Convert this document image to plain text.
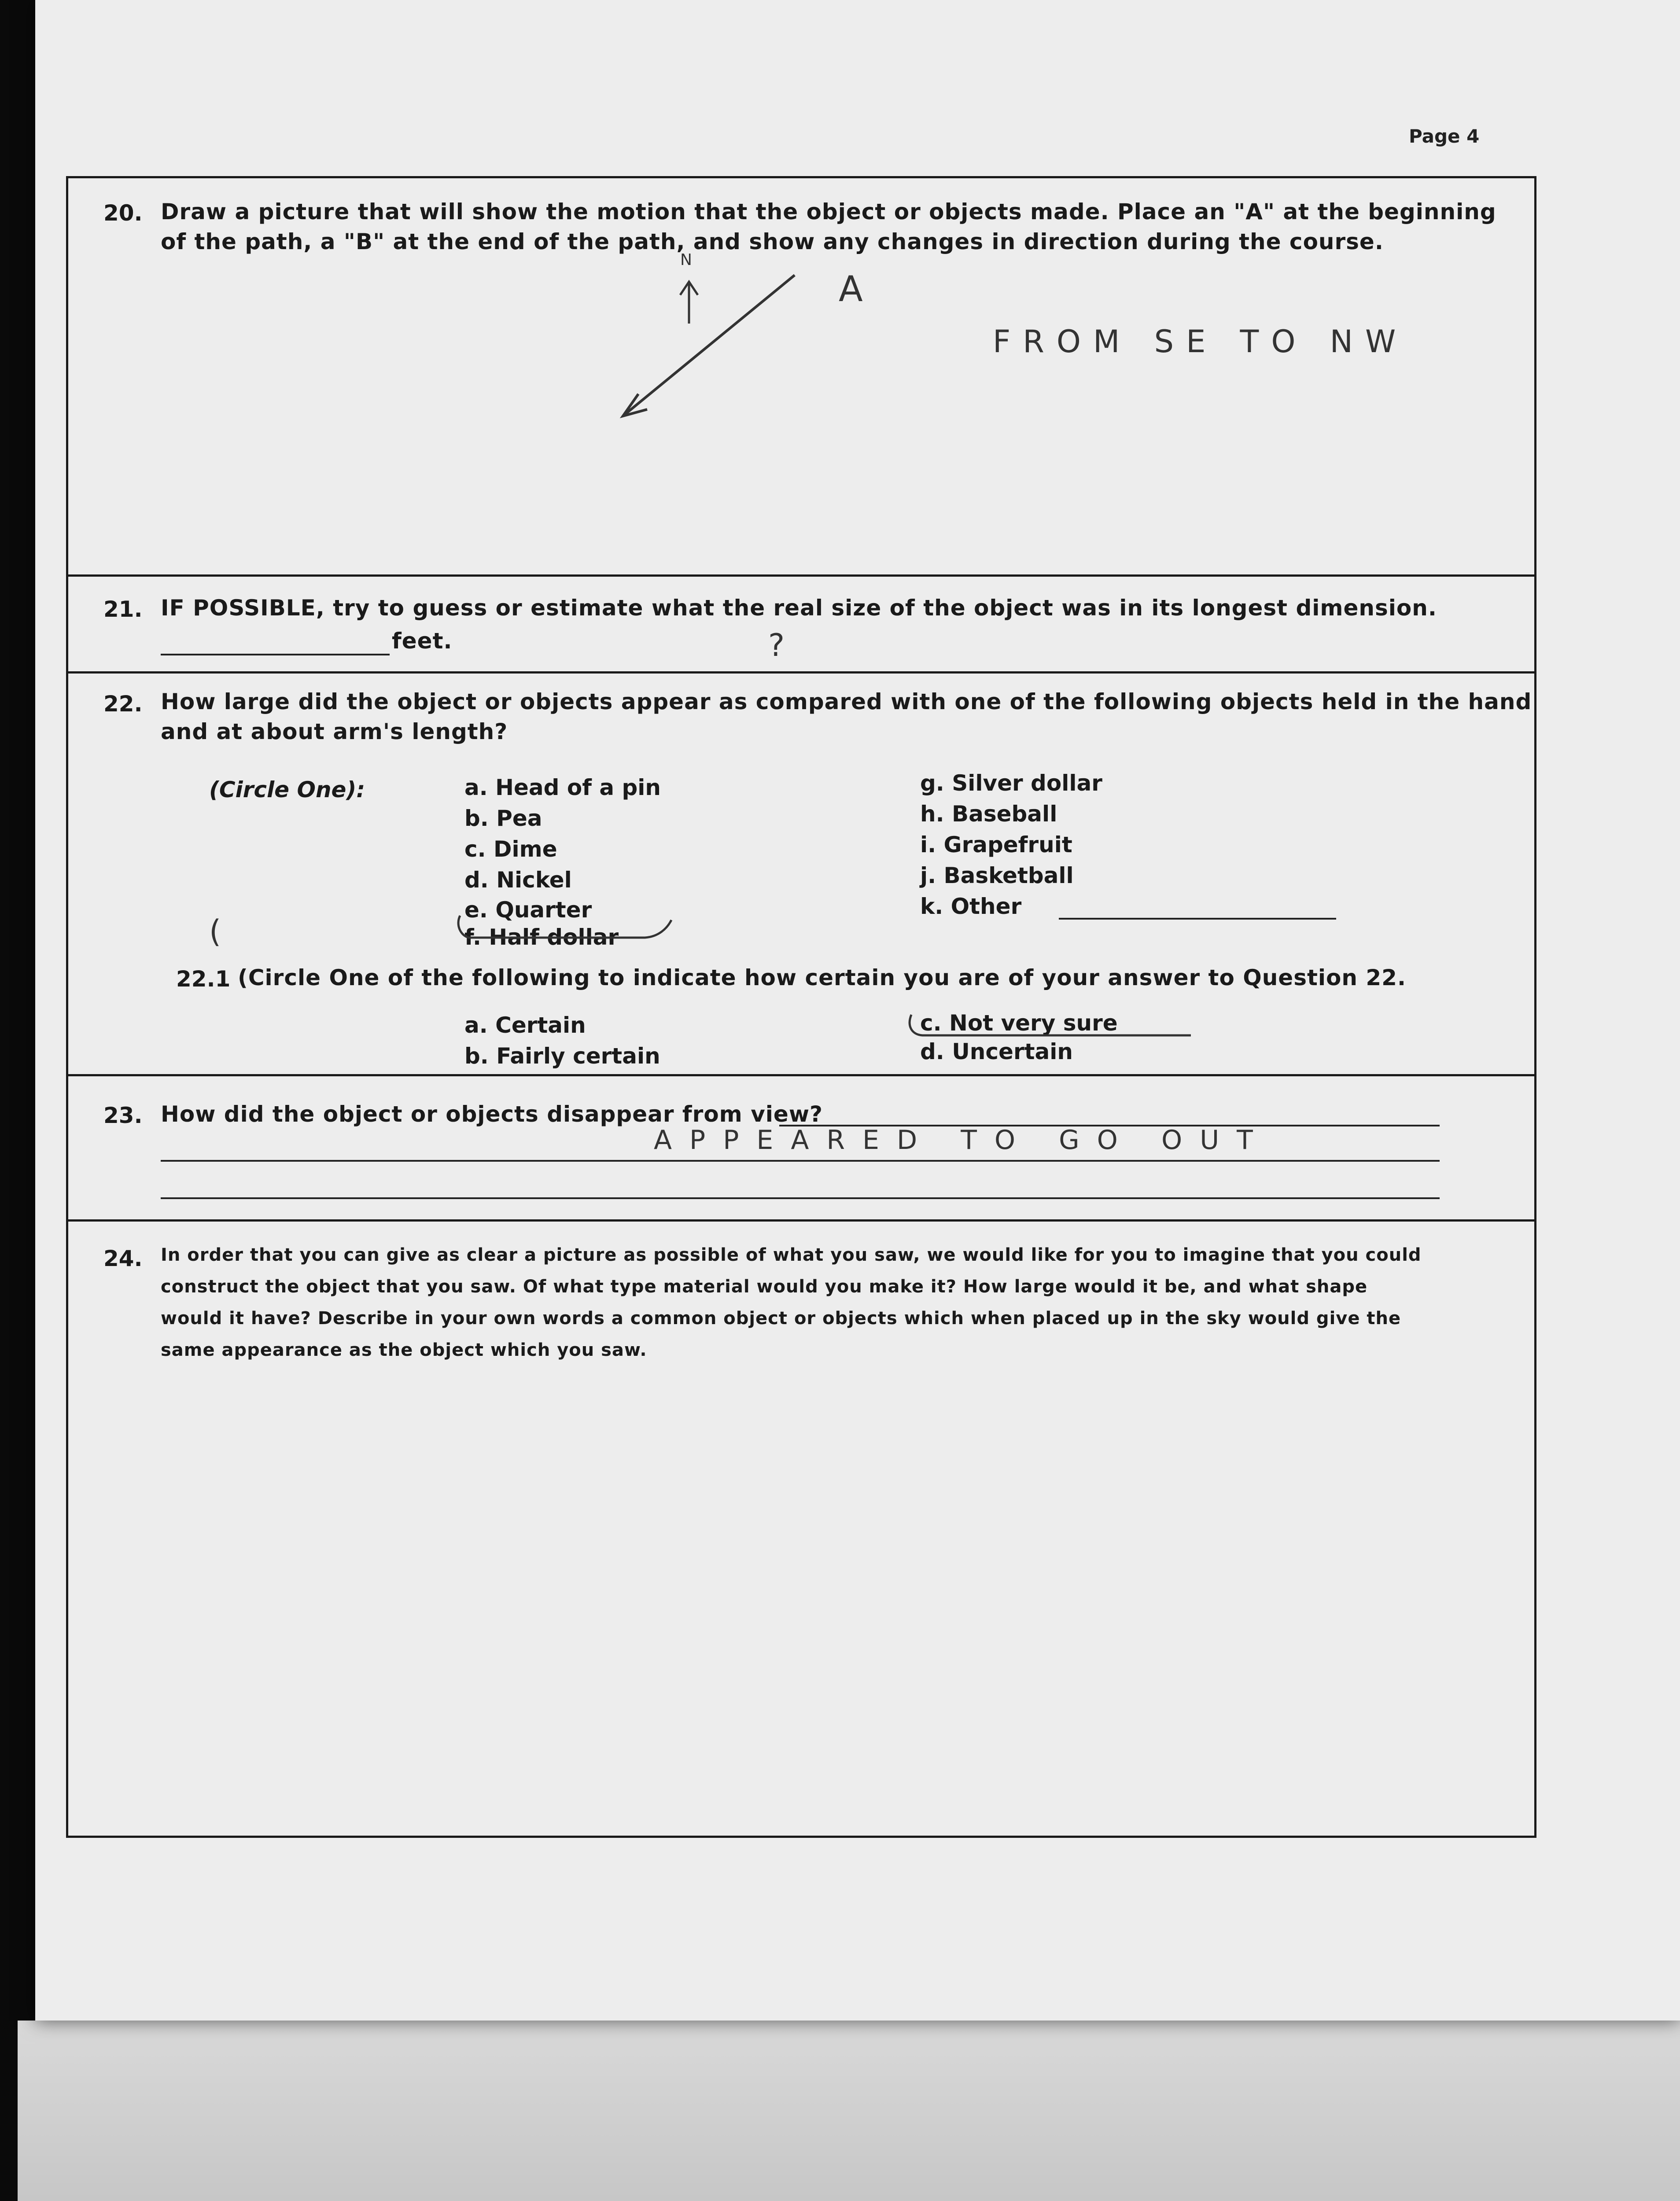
Page 4
20. Draw a picture that will show the motion that the object or objects made. Place an "A" at the beginning
of the path, a "B" at the end of the path, and show any changes in direction during the course.
A
N
FROM SE TO NW
21. IF POSSIBLE, try to guess or estimate what the real size of the object was in its longest dimension.
feet.	?
22. How large did the object or objects appear as compared with one of the following objects held in the hand
and at about arm's length?
(Circle One):	a. Head of a pin
b. Pea
c. Dime
d. Nickel
e. Quarter
f. Half dollar
g. Silver dollar
h. Baseball
i. Grapefruit
j. Basketball
k. Other
(
22.1 (Circle One of the following to indicate how certain you are of your answer to Question 22.
a. Certain
b. Fairly certain
c. Not very sure
d. Uncertain
23. How did the object or objects disappear from view?
APPEARED TO GO OUT
24. In order that you can give as clear a picture as possible of what you saw, we would like for you to imagine that you could
construct the object that you saw. Of what type material would you make it? How large would it be, and what shape
would it have? Describe in your own words a common object or objects which when placed up in the sky would give the
same appearance as the object which you saw.
